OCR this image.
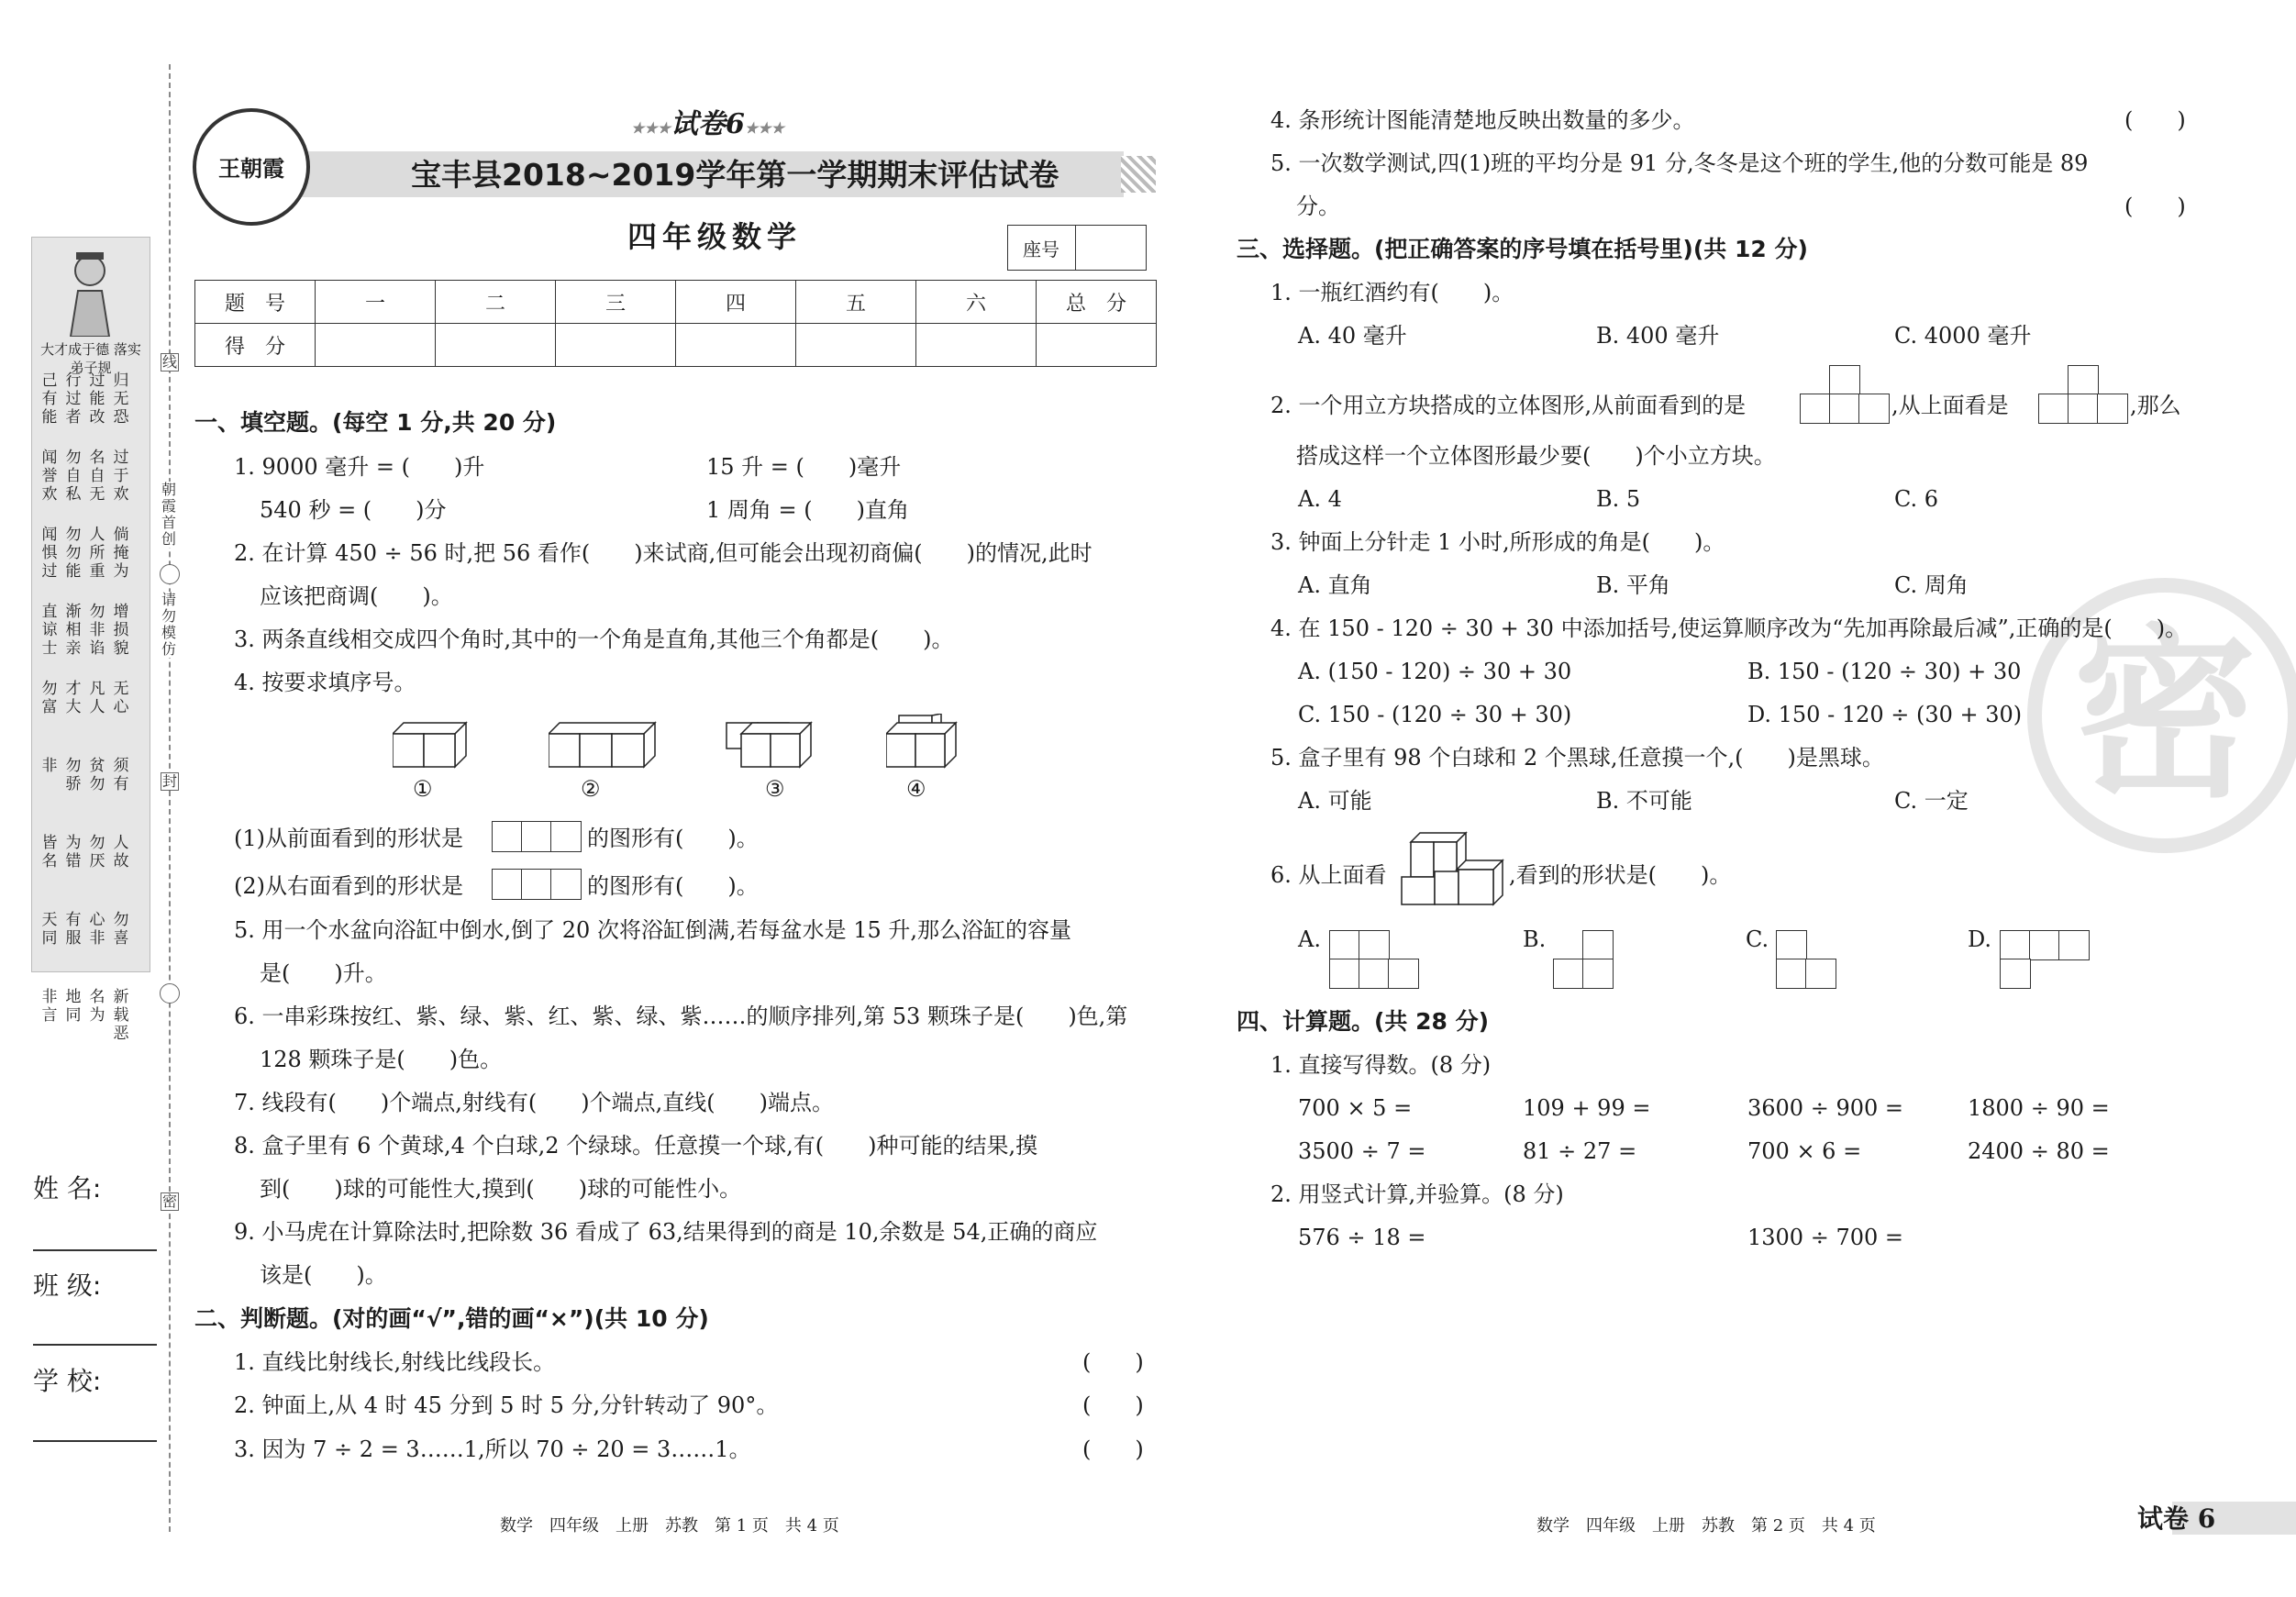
大才成于德 落实弟子规
己有能
行过者
过能改
归无恐
闻誉欢
勿自私
名自无
过于欢
闻惧过
勿勿能
人所重
倘掩为
直谅士
渐相亲
勿非谄
增损貌
勿富
才大
凡人
无心
非 勿骄
贫勿
须有
皆名
为错
勿厌
人故
天同
有服
心非
勿喜
非言
地同
名为
新载恶
线
朝霞首创
请勿模仿
封
密
姓 名:
班 级:
学 校:
王朝霞
★★★试卷6★★★
宝丰县2018~2019学年第一学期期末评估试卷
四年级数学	座号
题　号	一	二	三	四	五	六	总　分
得　分							
一、填空题。(每空 1 分,共 20 分)
1. 9000 毫升 = (　　)升	15 升 = (　　)毫升
540 秒 = (　　)分	1 周角 = (　　)直角
2. 在计算 450 ÷ 56 时,把 56 看作(　　)来试商,但可能会出现初商偏(　　)的情况,此时
应该把商调(　　)。
3. 两条直线相交成四个角时,其中的一个角是直角,其他三个角都是(　　)。
4. 按要求填序号。
①	②	③	④
(1)从前面看到的形状是	的图形有(　　)。
(2)从右面看到的形状是	的图形有(　　)。
5. 用一个水盆向浴缸中倒水,倒了 20 次将浴缸倒满,若每盆水是 15 升,那么浴缸的容量
是(　　)升。
6. 一串彩珠按红、紫、绿、紫、红、紫、绿、紫……的顺序排列,第 53 颗珠子是(　　)色,第
128 颗珠子是(　　)色。
7. 线段有(　　)个端点,射线有(　　)个端点,直线(　　)端点。
8. 盒子里有 6 个黄球,4 个白球,2 个绿球。任意摸一个球,有(　　)种可能的结果,摸
到(　　)球的可能性大,摸到(　　)球的可能性小。
9. 小马虎在计算除法时,把除数 36 看成了 63,结果得到的商是 10,余数是 54,正确的商应
该是(　　)。
二、判断题。(对的画“√”,错的画“×”)(共 10 分)
1. 直线比射线长,射线比线段长。	(　　)
2. 钟面上,从 4 时 45 分到 5 时 5 分,分针转动了 90°。	(　　)
3. 因为 7 ÷ 2 = 3……1,所以 70 ÷ 20 = 3……1。	(　　)
数学　四年级　上册　苏教　第 1 页　共 4 页
密
4. 条形统计图能清楚地反映出数量的多少。	(　　)
5. 一次数学测试,四(1)班的平均分是 91 分,冬冬是这个班的学生,他的分数可能是 89
分。	(　　)
三、选择题。(把正确答案的序号填在括号里)(共 12 分)
1. 一瓶红酒约有(　　)。
A. 40 毫升	B. 400 毫升	C. 4000 毫升
2. 一个用立方块搭成的立体图形,从前面看到的是	,从上面看是	,那么
搭成这样一个立体图形最少要(　　)个小立方块。
A. 4	B. 5	C. 6
3. 钟面上分针走 1 小时,所形成的角是(　　)。
A. 直角	B. 平角	C. 周角
4. 在 150 - 120 ÷ 30 + 30 中添加括号,使运算顺序改为“先加再除最后减”,正确的是(　　)。
A. (150 - 120) ÷ 30 + 30	B. 150 - (120 ÷ 30) + 30
C. 150 - (120 ÷ 30 + 30)	D. 150 - 120 ÷ (30 + 30)
5. 盒子里有 98 个白球和 2 个黑球,任意摸一个,(　　)是黑球。
A. 可能	B. 不可能	C. 一定
6. 从上面看	,看到的形状是(　　)。
A.	B.	C.	D.
四、计算题。(共 28 分)
1. 直接写得数。(8 分)
700 × 5 =	109 + 99 =	3600 ÷ 900 =	1800 ÷ 90 =
3500 ÷ 7 =	81 ÷ 27 =	700 × 6 =	2400 ÷ 80 =
2. 用竖式计算,并验算。(8 分)
576 ÷ 18 =	1300 ÷ 700 =
数学　四年级　上册　苏教　第 2 页　共 4 页	试卷 6
